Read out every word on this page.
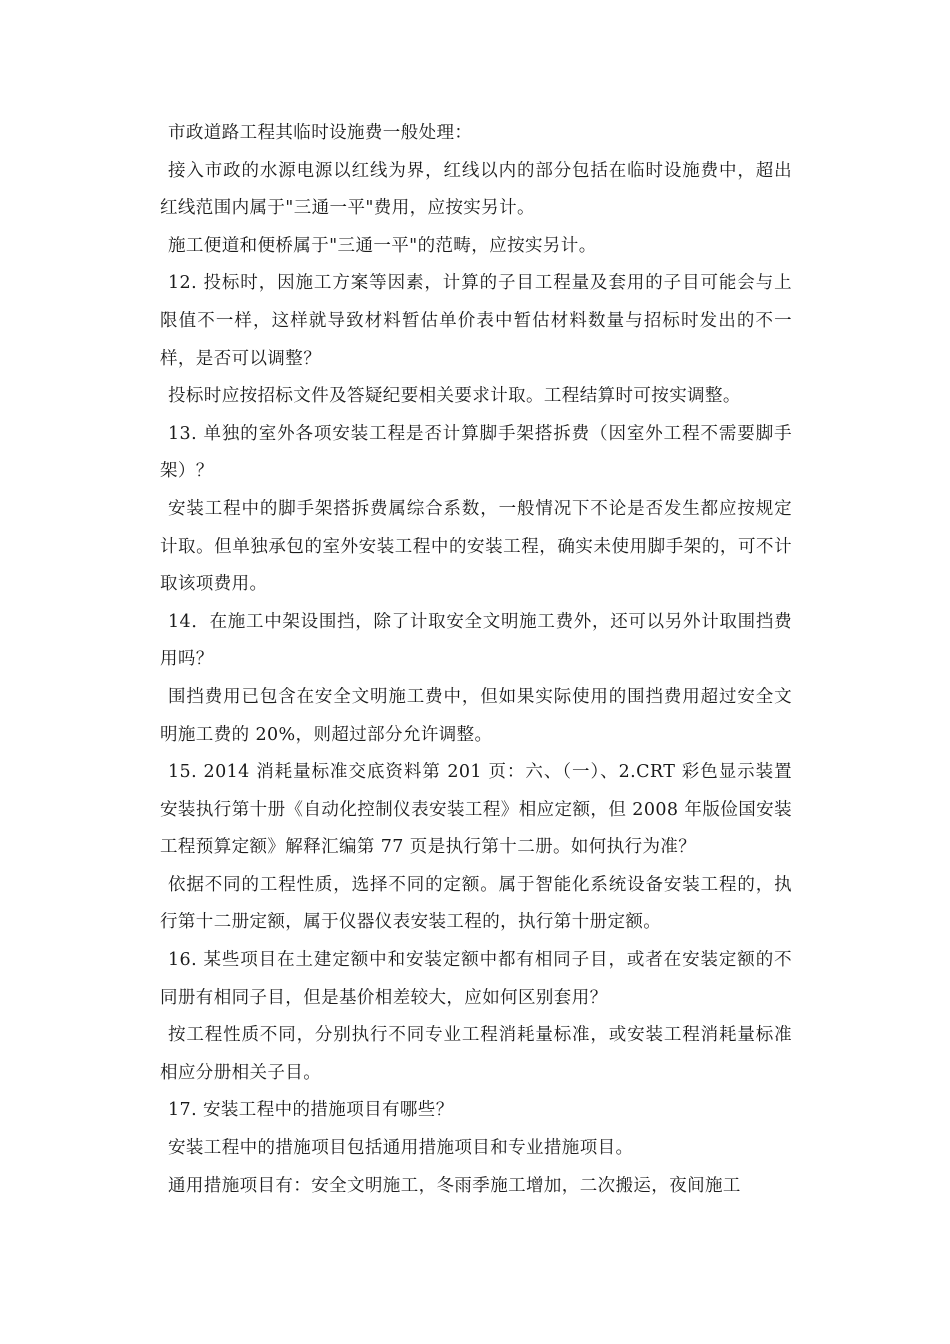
市政道路工程其临时设施费一般处理：

接入市政的水源电源以红线为界，红线以内的部分包括在临时设施费中，超出红线范围内属于"三通一平"费用，应按实另计。

施工便道和便桥属于"三通一平"的范畴，应按实另计。

12. 投标时，因施工方案等因素，计算的子目工程量及套用的子目可能会与上限值不一样，这样就导致材料暂估单价表中暂估材料数量与招标时发出的不一样，是否可以调整？

投标时应按招标文件及答疑纪要相关要求计取。工程结算时可按实调整。

13. 单独的室外各项安装工程是否计算脚手架搭拆费（因室外工程不需要脚手架）？

安装工程中的脚手架搭拆费属综合系数，一般情况下不论是否发生都应按规定计取。但单独承包的室外安装工程中的安装工程，确实未使用脚手架的，可不计取该项费用。

14．在施工中架设围挡，除了计取安全文明施工费外，还可以另外计取围挡费用吗？

围挡费用已包含在安全文明施工费中，但如果实际使用的围挡费用超过安全文明施工费的 20%，则超过部分允许调整。

15. 2014 消耗量标准交底资料第 201 页：六、（一）、2.CRT 彩色显示装置安装执行第十册《自动化控制仪表安装工程》相应定额，但 2008 年版俭国安装工程预算定额》解释汇编第 77 页是执行第十二册。如何执行为准？

依据不同的工程性质，选择不同的定额。属于智能化系统设备安装工程的，执行第十二册定额，属于仪器仪表安装工程的，执行第十册定额。

16. 某些项目在土建定额中和安装定额中都有相同子目，或者在安装定额的不同册有相同子目，但是基价相差较大，应如何区别套用？

按工程性质不同，分别执行不同专业工程消耗量标准，或安装工程消耗量标准相应分册相关子目。

17. 安装工程中的措施项目有哪些？

安装工程中的措施项目包括通用措施项目和专业措施项目。

通用措施项目有：安全文明施工，冬雨季施工增加，二次搬运，夜间施工
